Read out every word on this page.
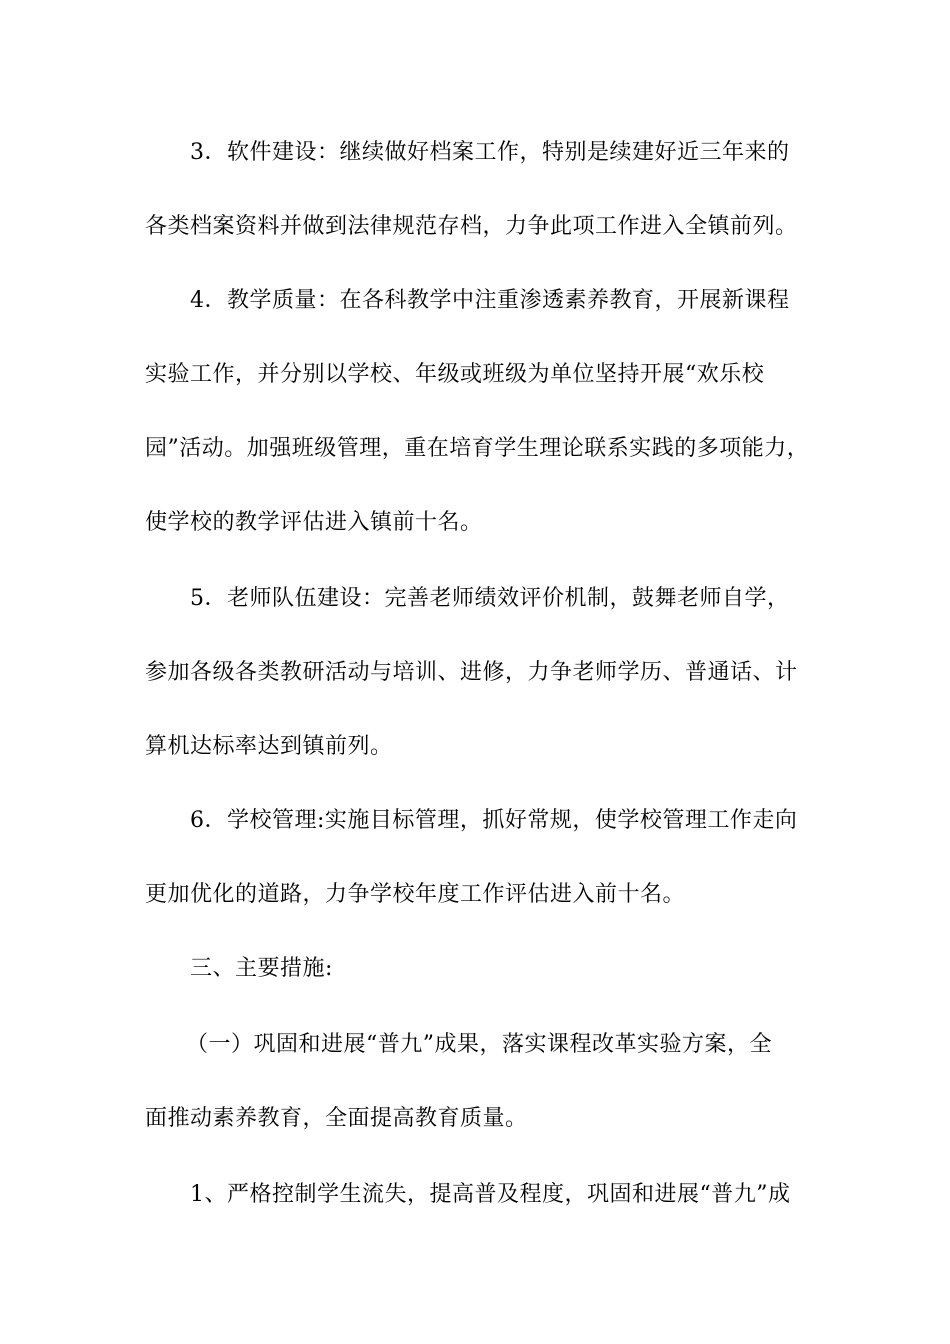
3．软件建设：继续做好档案工作，特别是续建好近三年来的
各类档案资料并做到法律规范存档，力争此项工作进入全镇前列。
4．教学质量：在各科教学中注重渗透素养教育，开展新课程
实验工作，并分别以学校、年级或班级为单位坚持开展“欢乐校
园”活动。加强班级管理，重在培育学生理论联系实践的多项能力，
使学校的教学评估进入镇前十名。
5．老师队伍建设：完善老师绩效评价机制，鼓舞老师自学，
参加各级各类教研活动与培训、进修，力争老师学历、普通话、计
算机达标率达到镇前列。
6．学校管理:实施目标管理，抓好常规，使学校管理工作走向
更加优化的道路，力争学校年度工作评估进入前十名。
三、主要措施:
（一）巩固和进展“普九”成果，落实课程改革实验方案，全
面推动素养教育，全面提高教育质量。
1、严格控制学生流失，提高普及程度，巩固和进展“普九”成
